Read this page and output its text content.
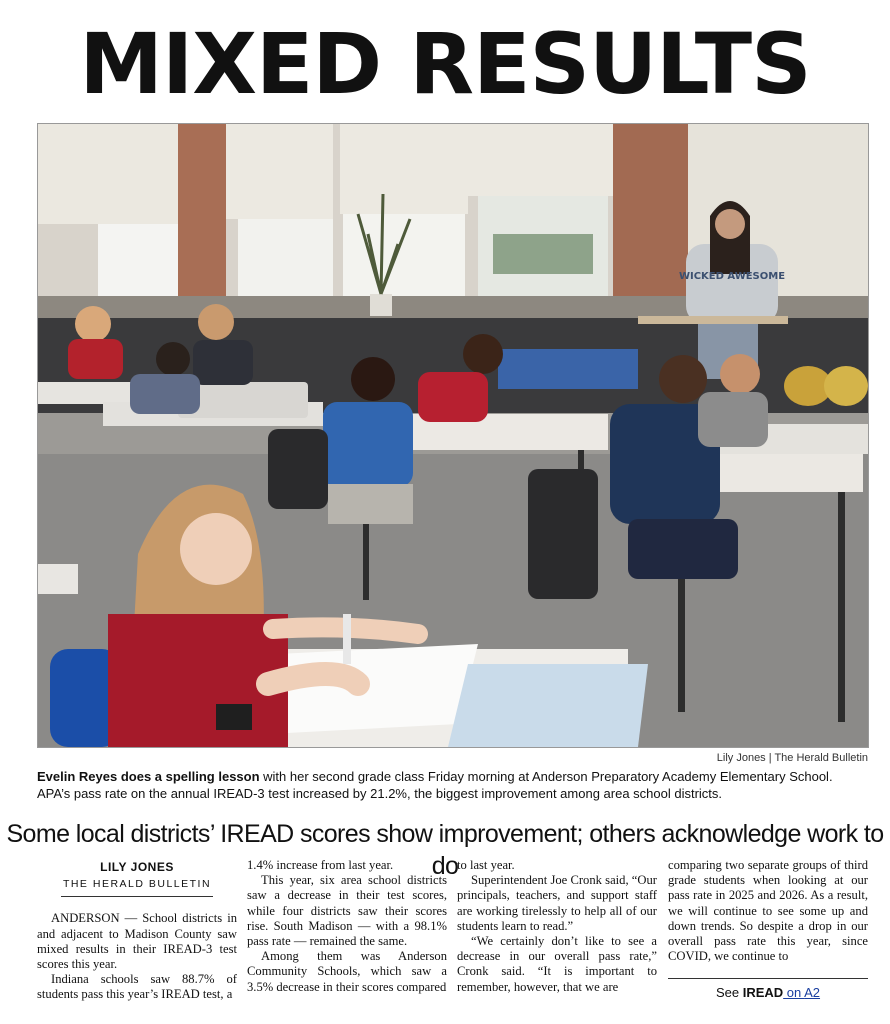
MIXED RESULTS
WICKED AWESOME
Lily Jones | The Herald Bulletin
Evelin Reyes does a spelling lesson with her second grade class Friday morning at Anderson Preparatory Academy Elementary School. APA’s pass rate on the annual IREAD-3 test increased by 21.2%, the biggest improvement among area school districts.
Some local districts’ IREAD scores show improvement; others acknowledge work to do
LILY JONES
THE HERALD BULLETIN

ANDERSON — School districts in and adjacent to Madison County saw mixed results in their IREAD-3 test scores this year.

Indiana schools saw 88.7% of students pass this year’s IREAD test, a

1.4% increase from last year.

This year, six area school districts saw a decrease in their test scores, while four districts saw their scores rise. South Madison — with a 98.1% pass rate — remained the same.

Among them was Anderson Community Schools, which saw a 3.5% decrease in their scores compared

to last year.

Superintendent Joe Cronk said, “Our principals, teachers, and support staff are working tirelessly to help all of our students learn to read.”

“We certainly don’t like to see a decrease in our overall pass rate,” Cronk said. “It is important to remember, however, that we are

comparing two separate groups of third grade students when looking at our pass rate in 2025 and 2026. As a result, we will continue to see some up and down trends. So despite a drop in our overall pass rate this year, since COVID, we continue to

See IREAD on A2
